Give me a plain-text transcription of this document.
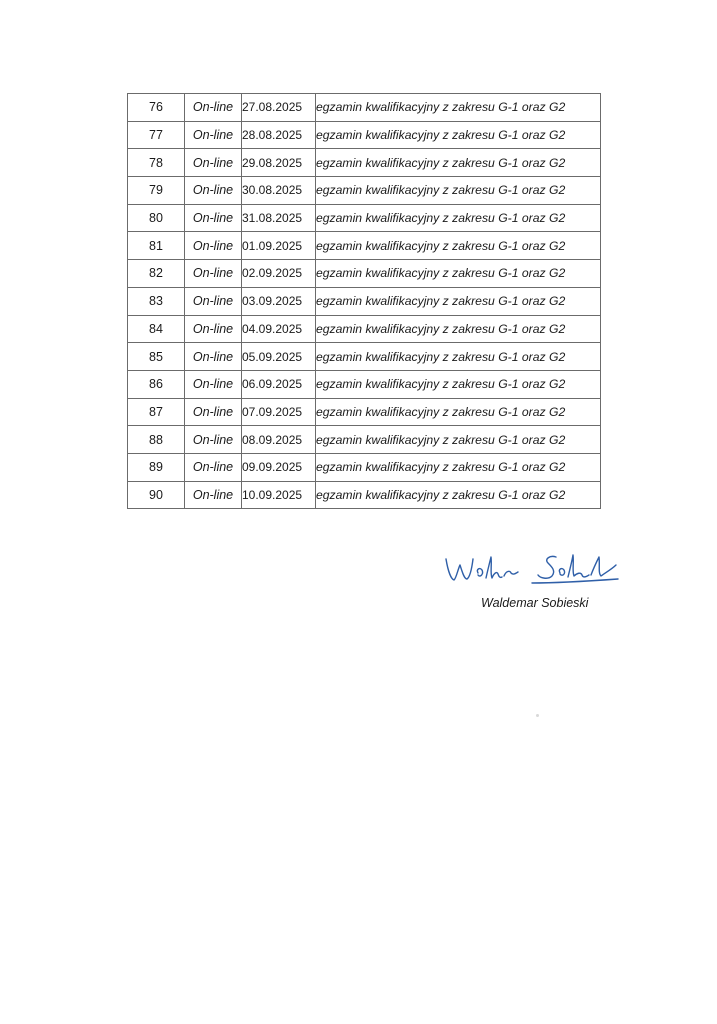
76	On-line	27.08.2025	egzamin kwalifikacyjny z zakresu G-1 oraz G2
77	On-line	28.08.2025	egzamin kwalifikacyjny z zakresu G-1 oraz G2
78	On-line	29.08.2025	egzamin kwalifikacyjny z zakresu G-1 oraz G2
79	On-line	30.08.2025	egzamin kwalifikacyjny z zakresu G-1 oraz G2
80	On-line	31.08.2025	egzamin kwalifikacyjny z zakresu G-1 oraz G2
81	On-line	01.09.2025	egzamin kwalifikacyjny z zakresu G-1 oraz G2
82	On-line	02.09.2025	egzamin kwalifikacyjny z zakresu G-1 oraz G2
83	On-line	03.09.2025	egzamin kwalifikacyjny z zakresu G-1 oraz G2
84	On-line	04.09.2025	egzamin kwalifikacyjny z zakresu G-1 oraz G2
85	On-line	05.09.2025	egzamin kwalifikacyjny z zakresu G-1 oraz G2
86	On-line	06.09.2025	egzamin kwalifikacyjny z zakresu G-1 oraz G2
87	On-line	07.09.2025	egzamin kwalifikacyjny z zakresu G-1 oraz G2
88	On-line	08.09.2025	egzamin kwalifikacyjny z zakresu G-1 oraz G2
89	On-line	09.09.2025	egzamin kwalifikacyjny z zakresu G-1 oraz G2
90	On-line	10.09.2025	egzamin kwalifikacyjny z zakresu G-1 oraz G2
Waldemar Sobieski
